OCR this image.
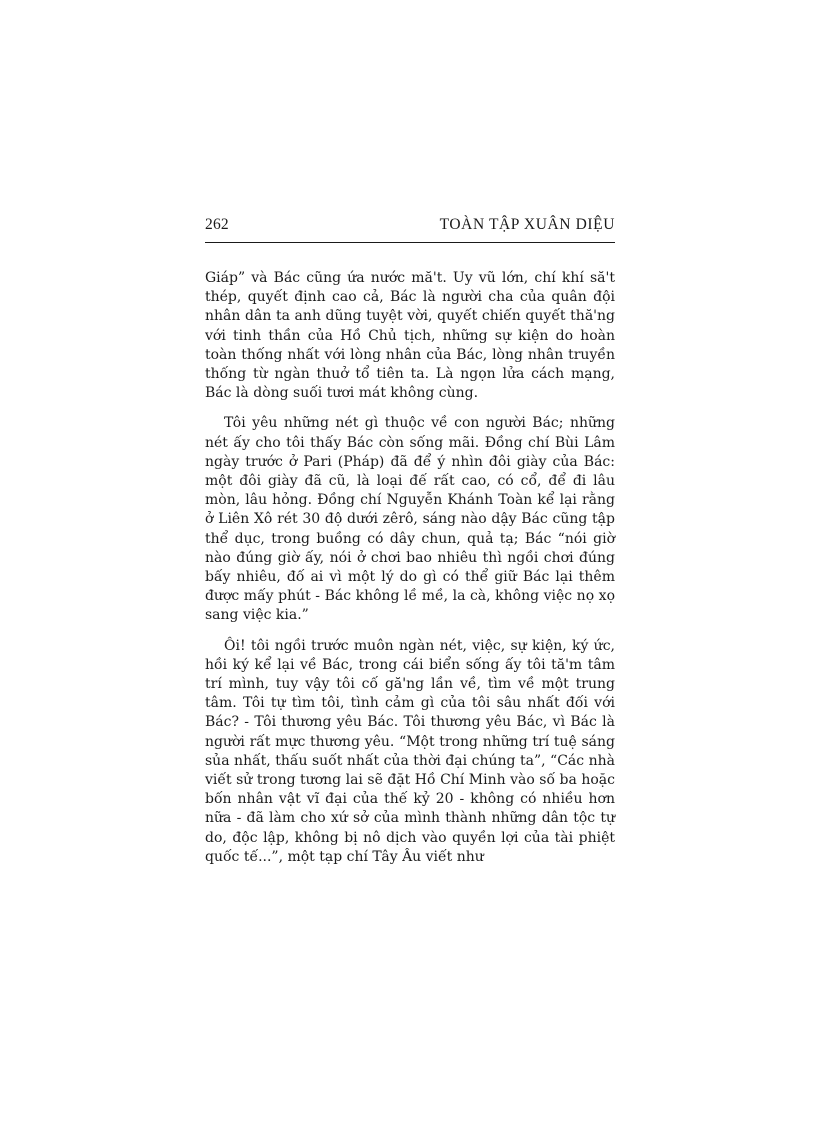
262	TOÀN TẬP XUÂN DIỆU

Giáp” và Bác cũng ứa nước mă't. Uy vũ lớn, chí khí să't thép, quyết định cao cả, Bác là người cha của quân đội nhân dân ta anh dũng tuyệt vời, quyết chiến quyết thă'ng với tinh thần của Hồ Chủ tịch, những sự kiện do hoàn toàn thống nhất với lòng nhân của Bác, lòng nhân truyền thống từ ngàn thuở tổ tiên ta. Là ngọn lửa cách mạng, Bác là dòng suối tươi mát không cùng.

Tôi yêu những nét gì thuộc về con người Bác; những nét ấy cho tôi thấy Bác còn sống mãi. Đồng chí Bùi Lâm ngày trước ở Pari (Pháp) đã để ý nhìn đôi giày của Bác: một đôi giày đã cũ, là loại đế rất cao, có cổ, để đi lâu mòn, lâu hỏng. Đồng chí Nguyễn Khánh Toàn kể lại rằng ở Liên Xô rét 30 độ dưới zêrô, sáng nào dậy Bác cũng tập thể dục, trong buồng có dây chun, quả tạ; Bác “nói giờ nào đúng giờ ấy, nói ở chơi bao nhiêu thì ngồi chơi đúng bấy nhiêu, đố ai vì một lý do gì có thể giữ Bác lại thêm được mấy phút - Bác không lề mề, la cà, không việc nọ xọ sang việc kia.”

Ôi! tôi ngồi trước muôn ngàn nét, việc, sự kiện, ký ức, hồi ký kể lại về Bác, trong cái biển sống ấy tôi tă'm tâm trí mình, tuy vậy tôi cố gă'ng lần về, tìm về một trung tâm. Tôi tự tìm tôi, tình cảm gì của tôi sâu nhất đối với Bác? - Tôi thương yêu Bác. Tôi thương yêu Bác, vì Bác là người rất mực thương yêu. “Một trong những trí tuệ sáng sủa nhất, thấu suốt nhất của thời đại chúng ta”, “Các nhà viết sử trong tương lai sẽ đặt Hồ Chí Minh vào số ba hoặc bốn nhân vật vĩ đại của thế kỷ 20 - không có nhiều hơn nữa - đã làm cho xứ sở của mình thành những dân tộc tự do, độc lập, không bị nô dịch vào quyền lợi của tài phiệt quốc tế...”, một tạp chí Tây Âu viết như
